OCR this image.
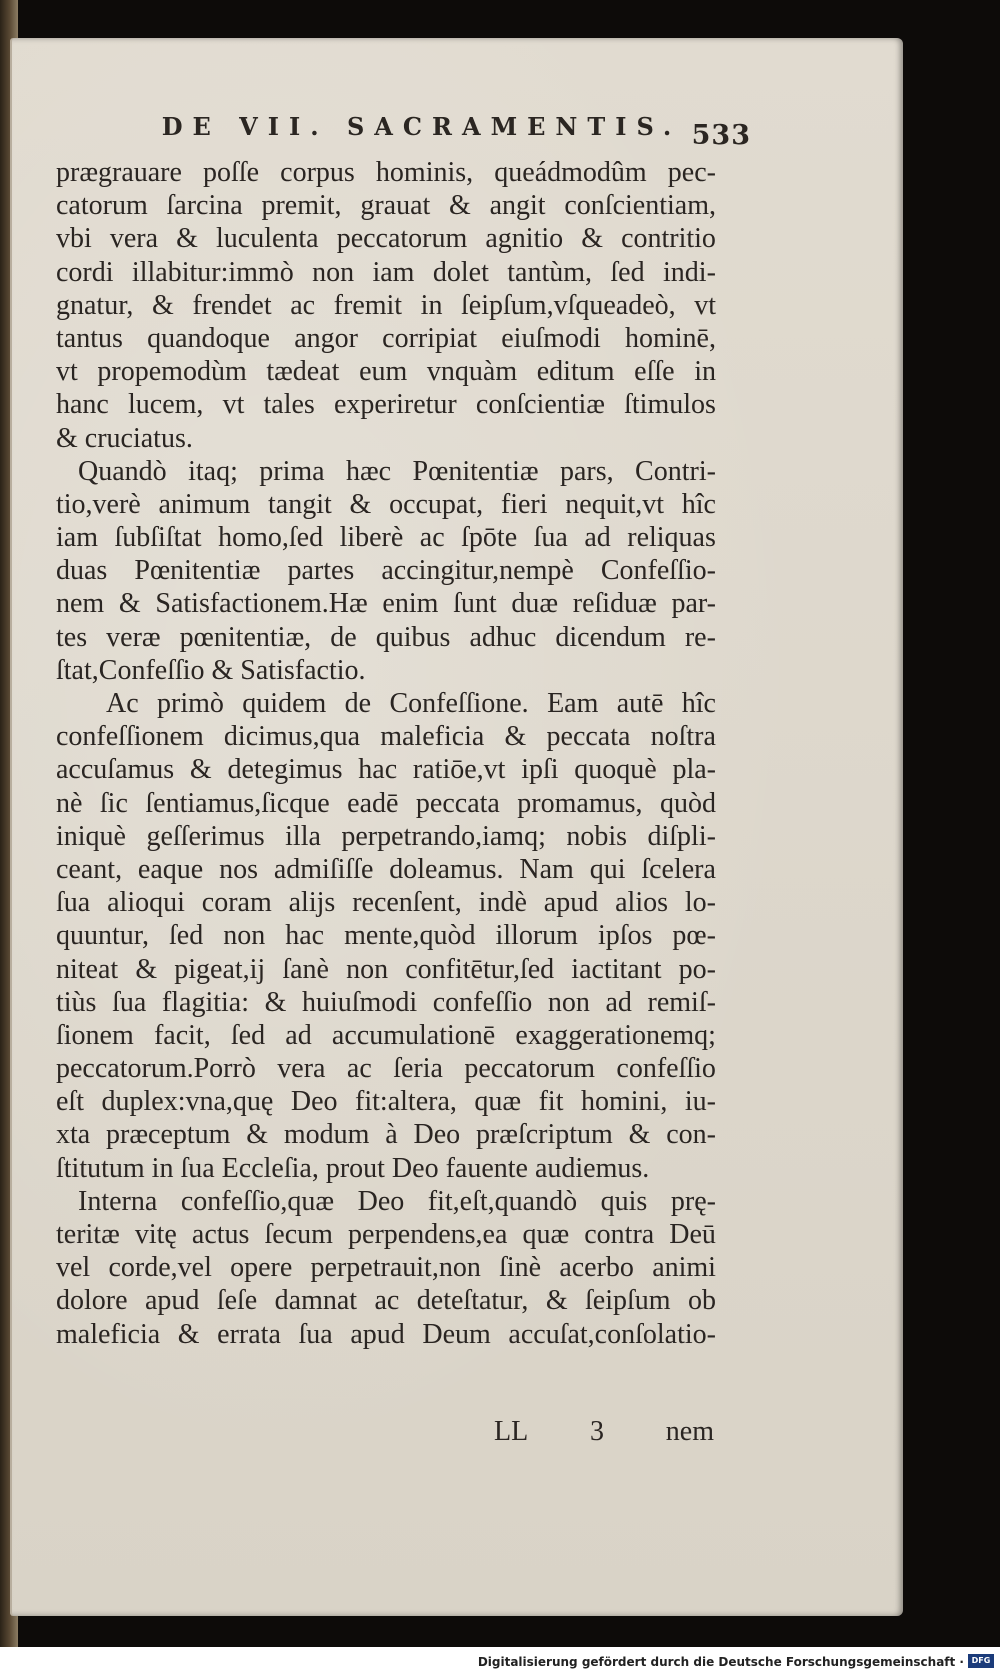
DE VII. SACRAMENTIS. 533
prægrauare poſſe corpus hominis, queádmodûm pec-
catorum ſarcina premit, grauat & angit conſcientiam,
vbi vera & luculenta peccatorum agnitio & contritio
cordi illabitur:immò non iam dolet tantùm, ſed indi-
gnatur, & frendet ac fremit in ſeipſum,vſqueadeò, vt
tantus quandoque angor corripiat eiuſmodi hominē,
vt propemodùm tædeat eum vnquàm editum eſſe in
hanc lucem, vt tales experiretur conſcientiæ ſtimulos
& cruciatus.
Quandò itaq; prima hæc Pœnitentiæ pars, Contri-
tio,verè animum tangit & occupat, fieri nequit,vt hîc
iam ſubſiſtat homo,ſed liberè ac ſpōte ſua ad reliquas
duas Pœnitentiæ partes accingitur,nempè Confeſſio-
nem & Satisfactionem.Hæ enim ſunt duæ reſiduæ par-
tes veræ pœnitentiæ, de quibus adhuc dicendum re-
ſtat,Confeſſio & Satisfactio.
Ac primò quidem de Confeſſione. Eam autē hîc
confeſſionem dicimus,qua maleficia & peccata noſtra
accuſamus & detegimus hac ratiōe,vt ipſi quoquè pla-
nè ſic ſentiamus,ſicque eadē peccata promamus, quòd
iniquè geſſerimus illa perpetrando,iamq; nobis diſpli-
ceant, eaque nos admiſiſſe doleamus. Nam qui ſcelera
ſua alioqui coram alijs recenſent, indè apud alios lo-
quuntur, ſed non hac mente,quòd illorum ipſos pœ-
niteat & pigeat,ij ſanè non confitētur,ſed iactitant po-
tiùs ſua flagitia: & huiuſmodi confeſſio non ad remiſ-
ſionem facit, ſed ad accumulationē exaggerationemq;
peccatorum.Porrò vera ac ſeria peccatorum confeſſio
eſt duplex:vna,quę Deo fit:altera, quæ fit homini, iu-
xta præceptum & modum à Deo præſcriptum & con-
ſtitutum in ſua Eccleſia, prout Deo fauente audiemus.
Interna confeſſio,quæ Deo fit,eſt,quandò quis prę-
teritæ vitę actus ſecum perpendens,ea quæ contra Deū
vel corde,vel opere perpetrauit,non ſinè acerbo animi
dolore apud ſeſe damnat ac deteſtatur, & ſeipſum ob
maleficia & errata ſua apud Deum accuſat,conſolatio-
LL 3 nem
Digitalisierung gefördert durch die Deutsche Forschungsgemeinschaft · DFG
